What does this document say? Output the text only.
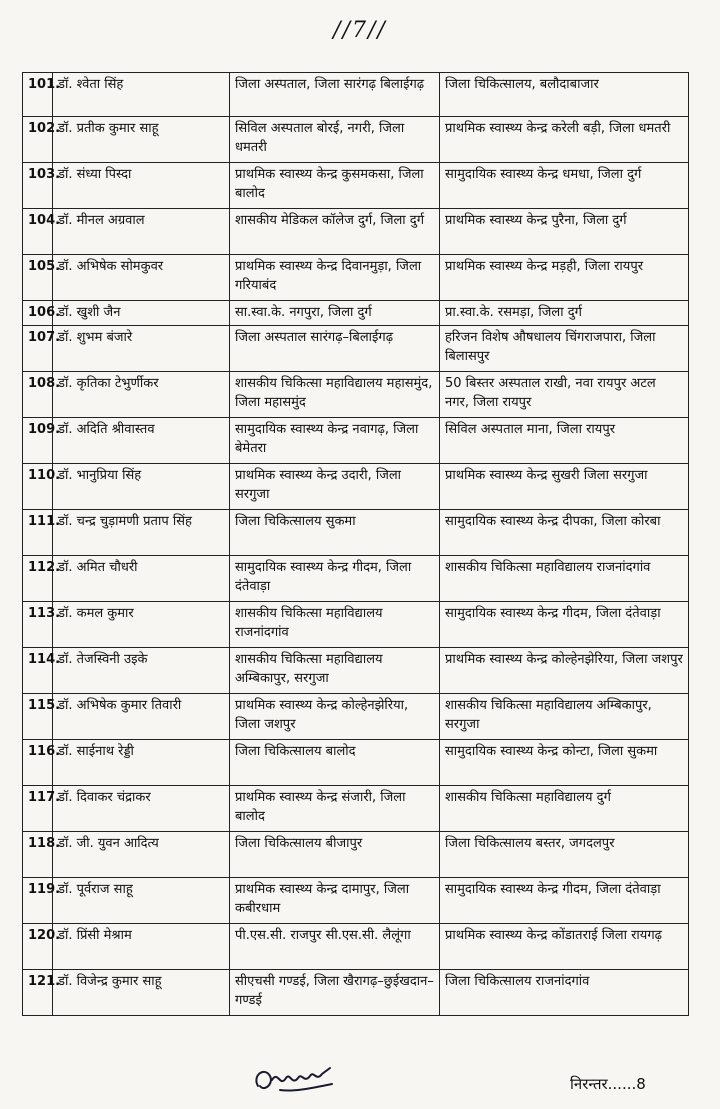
//7//
101.	डॉ. श्वेता सिंह	जिला अस्पताल, जिला सारंगढ़ बिलाईगढ़	जिला चिकित्सालय, बलौदाबाजार
102.	डॉ. प्रतीक कुमार साहू	सिविल अस्पताल बोरई, नगरी, जिला धमतरी	प्राथमिक स्वास्थ्य केन्द्र करेली बड़ी, जिला धमतरी
103.	डॉ. संध्या पिस्दा	प्राथमिक स्वास्थ्य केन्द्र कुसमकसा, जिला बालोद	सामुदायिक स्वास्थ्य केन्द्र धमधा, जिला दुर्ग
104.	डॉ. मीनल अग्रवाल	शासकीय मेडिकल कॉलेज दुर्ग, जिला दुर्ग	प्राथमिक स्वास्थ्य केन्द्र पुरैना, जिला दुर्ग
105.	डॉ. अभिषेक सोमकुवर	प्राथमिक स्वास्थ्य केन्द्र दिवानमुड़ा, जिला गरियाबंद	प्राथमिक स्वास्थ्य केन्द्र मड़ही, जिला रायपुर
106.	डॉ. खुशी जैन	सा.स्वा.के. नगपुरा, जिला दुर्ग	प्रा.स्वा.के. रसमड़ा, जिला दुर्ग
107.	डॉ. शुभम बंजारे	जिला अस्पताल सारंगढ़–बिलाईगढ़	हरिजन विशेष औषधालय चिंगराजपारा, जिला बिलासपुर
108.	डॉ. कृतिका टेभुर्णीकर	शासकीय चिकित्सा महाविद्यालय महासमुंद, जिला महासमुंद	50 बिस्तर अस्पताल राखी, नवा रायपुर अटल नगर, जिला रायपुर
109.	डॉ. अदिति श्रीवास्तव	सामुदायिक स्वास्थ्य केन्द्र नवागढ़, जिला बेमेतरा	सिविल अस्पताल माना, जिला रायपुर
110.	डॉ. भानुप्रिया सिंह	प्राथमिक स्वास्थ्य केन्द्र उदारी, जिला सरगुजा	प्राथमिक स्वास्थ्य केन्द्र सुखरी जिला सरगुजा
111.	डॉ. चन्द्र चुड़ामणी प्रताप सिंह	जिला चिकित्सालय सुकमा	सामुदायिक स्वास्थ्य केन्द्र दीपका, जिला कोरबा
112.	डॉ. अमित चौधरी	सामुदायिक स्वास्थ्य केन्द्र गीदम, जिला दंतेवाड़ा	शासकीय चिकित्सा महाविद्यालय राजनांदगांव
113.	डॉ. कमल कुमार	शासकीय चिकित्सा महाविद्यालय राजनांदगांव	सामुदायिक स्वास्थ्य केन्द्र गीदम, जिला दंतेवाड़ा
114.	डॉ. तेजस्विनी उइके	शासकीय चिकित्सा महाविद्यालय अम्बिकापुर, सरगुजा	प्राथमिक स्वास्थ्य केन्द्र कोल्हेनझेरिया, जिला जशपुर
115.	डॉ. अभिषेक कुमार तिवारी	प्राथमिक स्वास्थ्य केन्द्र कोल्हेनझेरिया, जिला जशपुर	शासकीय चिकित्सा महाविद्यालय अम्बिकापुर, सरगुजा
116.	डॉ. साईनाथ रेड्डी	जिला चिकित्सालय बालोद	सामुदायिक स्वास्थ्य केन्द्र कोन्टा, जिला सुकमा
117.	डॉ. दिवाकर चंद्राकर	प्राथमिक स्वास्थ्य केन्द्र संजारी, जिला बालोद	शासकीय चिकित्सा महाविद्यालय दुर्ग
118.	डॉ. जी. युवन आदित्य	जिला चिकित्सालय बीजापुर	जिला चिकित्सालय बस्तर, जगदलपुर
119.	डॉ. पूर्वराज साहू	प्राथमिक स्वास्थ्य केन्द्र दामापुर, जिला कबीरधाम	सामुदायिक स्वास्थ्य केन्द्र गीदम, जिला दंतेवाड़ा
120.	डॉ. प्रिंसी मेश्राम	पी.एस.सी. राजपुर सी.एस.सी. लैलूंगा	प्राथमिक स्वास्थ्य केन्द्र कोंडातराई जिला रायगढ़
121.	डॉ. विजेन्द्र कुमार साहू	सीएचसी गण्डई, जिला खैरागढ़–छुईखदान–गण्डई	जिला चिकित्सालय राजनांदगांव
निरन्तर......8
